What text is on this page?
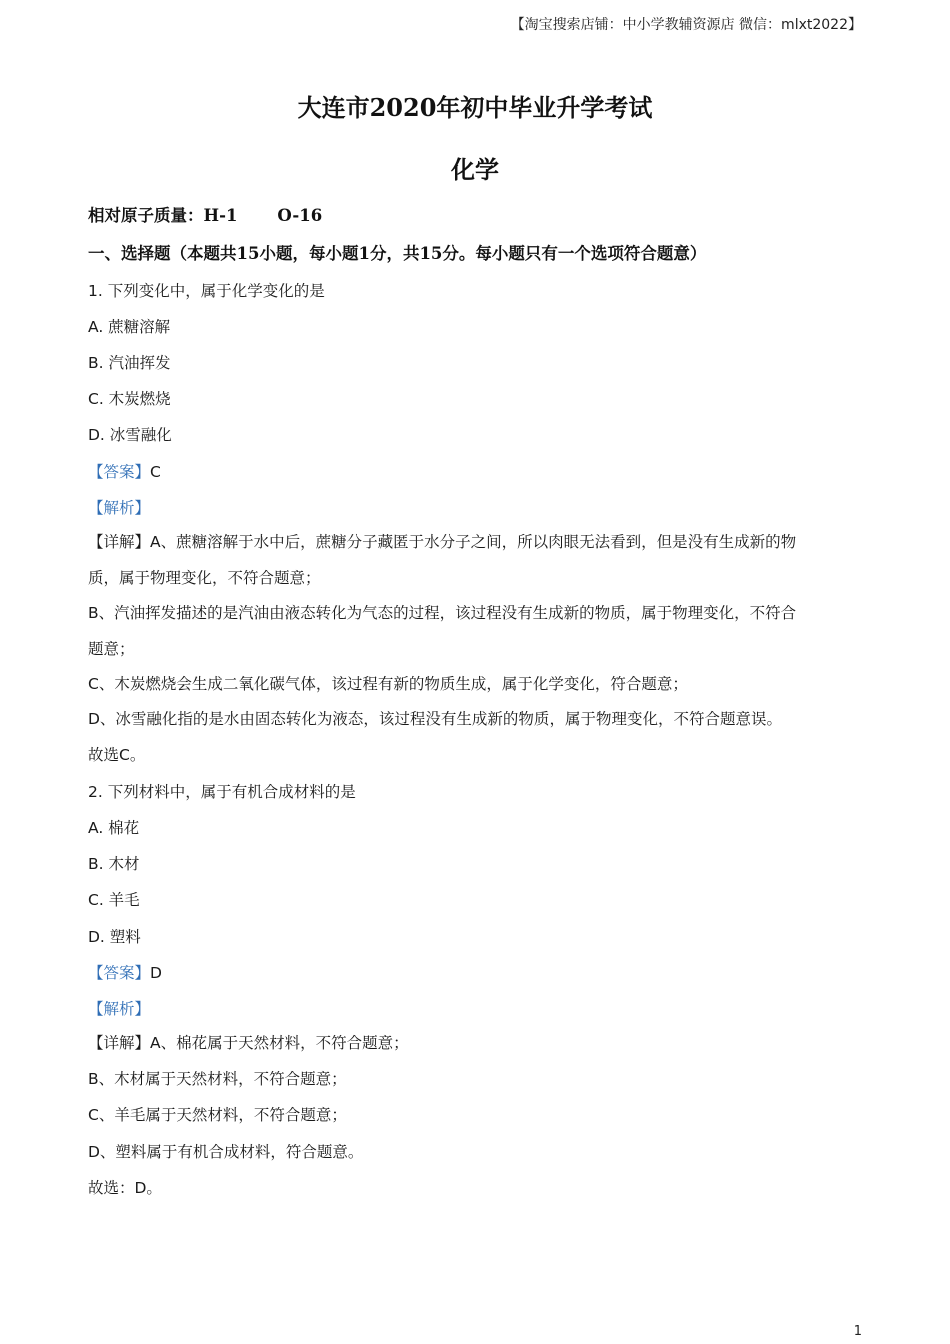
【淘宝搜索店铺：中小学教辅资源店 微信：mlxt2022】
大连市2020年初中毕业升学考试
化学
相对原子质量：H-1 O-16
一、选择题（本题共15小题，每小题1分，共15分。每小题只有一个选项符合题意）
1. 下列变化中，属于化学变化的是
A. 蔗糖溶解
B. 汽油挥发
C. 木炭燃烧
D. 冰雪融化
【答案】C
【解析】
【详解】A、蔗糖溶解于水中后，蔗糖分子藏匿于水分子之间，所以肉眼无法看到，但是没有生成新的物
质，属于物理变化，不符合题意；
B、汽油挥发描述的是汽油由液态转化为气态的过程，该过程没有生成新的物质，属于物理变化，不符合
题意；
C、木炭燃烧会生成二氧化碳气体，该过程有新的物质生成，属于化学变化，符合题意；
D、冰雪融化指的是水由固态转化为液态，该过程没有生成新的物质，属于物理变化，不符合题意误。
故选C。
2. 下列材料中，属于有机合成材料的是
A. 棉花
B. 木材
C. 羊毛
D. 塑料
【答案】D
【解析】
【详解】A、棉花属于天然材料，不符合题意；
B、木材属于天然材料，不符合题意；
C、羊毛属于天然材料，不符合题意；
D、塑料属于有机合成材料，符合题意。
故选：D。
1
